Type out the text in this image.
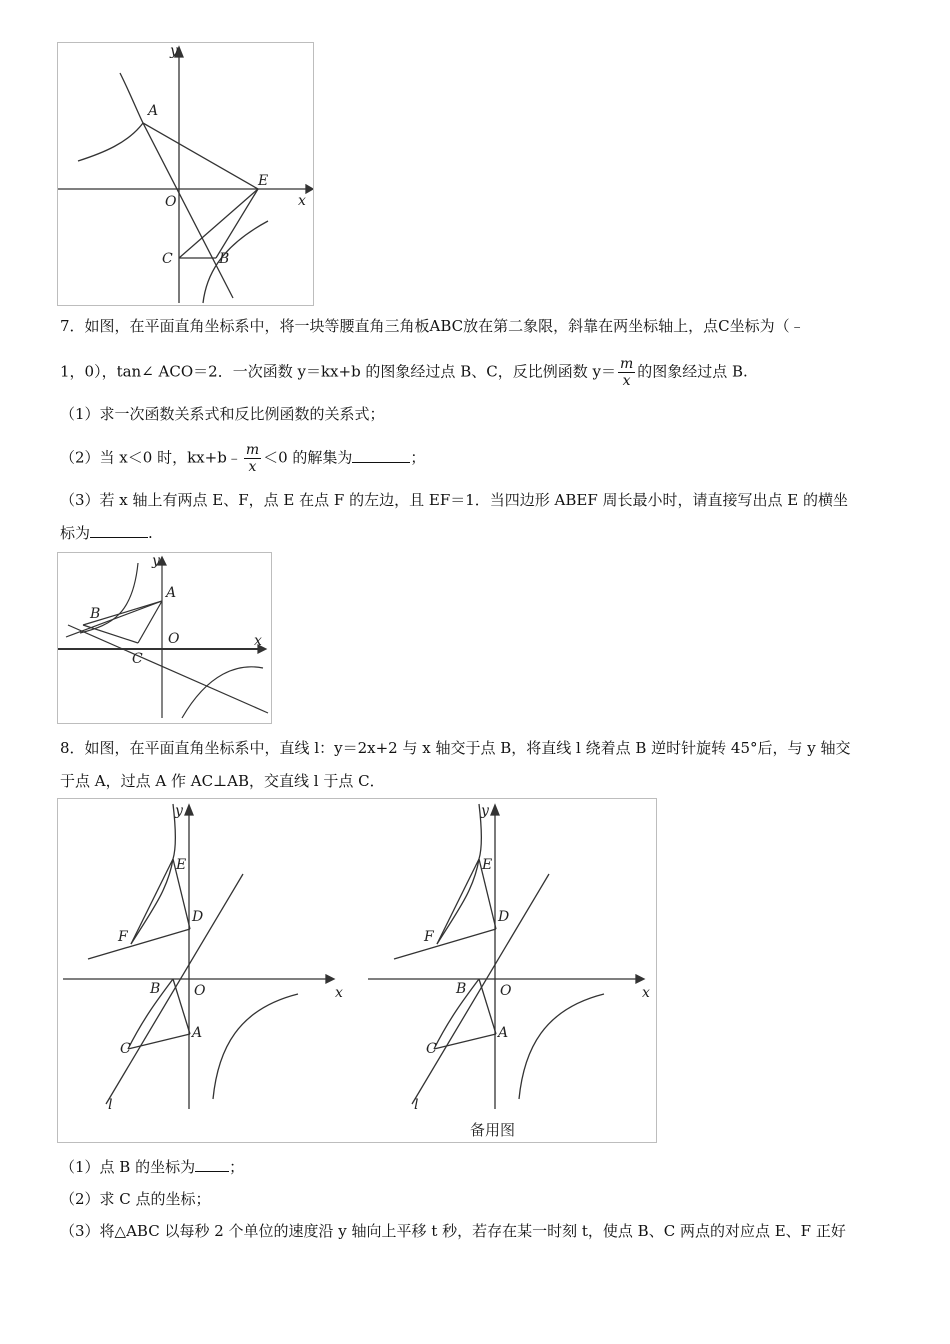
y
x
A
E
O
C	B
7．如图，在平面直角坐标系中，将一块等腰直角三角板ABC放在第二象限，斜靠在两坐标轴上，点C坐标为（﹣
1，0），tan∠ ACO＝2．一次函数 y＝kx+b 的图象经过点 B、C，反比例函数 $y= \frac{m}{x}$ 的图象经过点 B.
（1）求一次函数关系式和反比例函数的关系式；
（2）当 x＜0 时，kx+b﹣ $\frac{m}{x} <0$ 的解集为	；
（3）若 x 轴上有两点 E、F，点 E 在点 F 的左边，且 EF＝1．当四边形 ABEF 周长最小时，请直接写出点 E 的横坐
标为	.
y
x
A
B
O
C
8．如图，在平面直角坐标系中，直线 l：y＝2x+2 与 x 轴交于点 B，将直线 l 绕着点 B 逆时针旋转 45°后，与 y 轴交
于点 A，过点 A 作 AC⊥AB，交直线 l 于点 C．
y
x
E
D
F
B O
C
A
l
y
x
E
D
F
B O
C
A
l
备用图
（1）点 B 的坐标为 ；
（2）求 C 点的坐标；
（3）将△ABC 以每秒 2 个单位的速度沿 y 轴向上平移 t 秒，若存在某一时刻 t，使点 B、C 两点的对应点 E、F 正好
